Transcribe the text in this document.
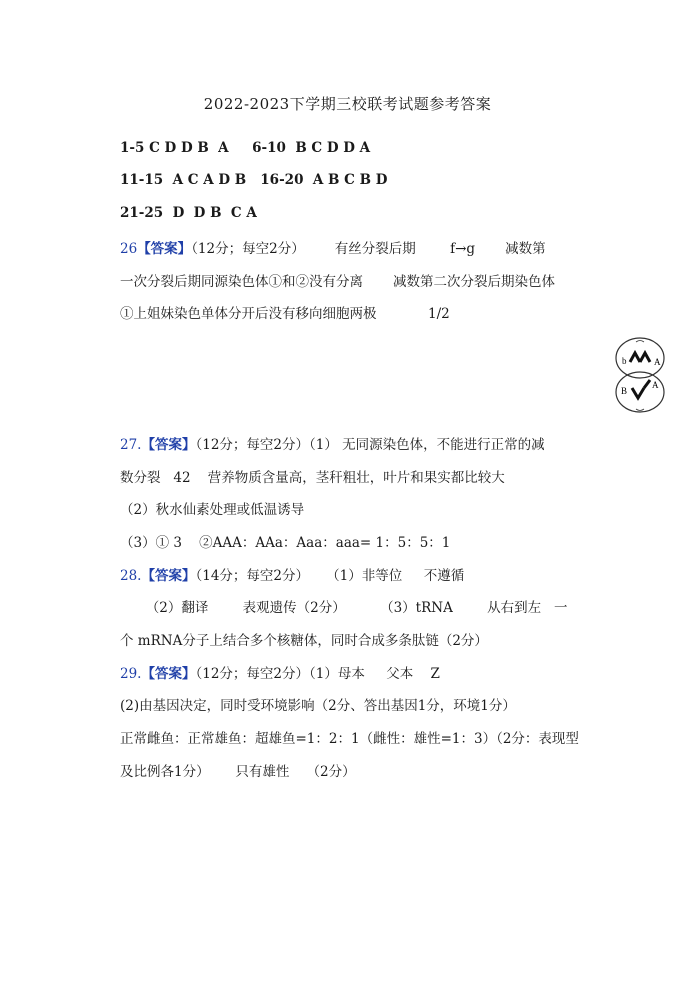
2022-2023下学期三校联考试题参考答案
1-5 C D D B  A     6-10  B C D D A
11-15  A C A D B   16-20  A B C B D
21-25  D  D B  C A
26【答案】（12分；每空2分）       有丝分裂后期        f→g       减数第
一次分裂后期同源染色体①和②没有分离       减数第二次分裂后期染色体
①上姐妹染色单体分开后没有移向细胞两极            1/2
b	A
B
A
27.【答案】（12分；每空2分）（1） 无同源染色体，不能进行正常的减
数分裂   42    营养物质含量高，茎秆粗壮，叶片和果实都比较大
（2）秋水仙素处理或低温诱导
（3）① 3    ②AAA：AAa：Aaa：aaa= 1：5：5：1
28.【答案】（14分；每空2分）    （1）非等位     不遵循
（2）翻译        表观遗传（2分）        （3）tRNA        从右到左   一
个 mRNA分子上结合多个核糖体，同时合成多条肽链（2分）
29.【答案】（12分；每空2分）（1）母本     父本    Z
(2)由基因决定，同时受环境影响（2分、答出基因1分，环境1分）
正常雌鱼：正常雄鱼：超雄鱼=1：2：1（雌性：雄性=1：3）（2分：表现型
及比例各1分）      只有雄性    （2分）
